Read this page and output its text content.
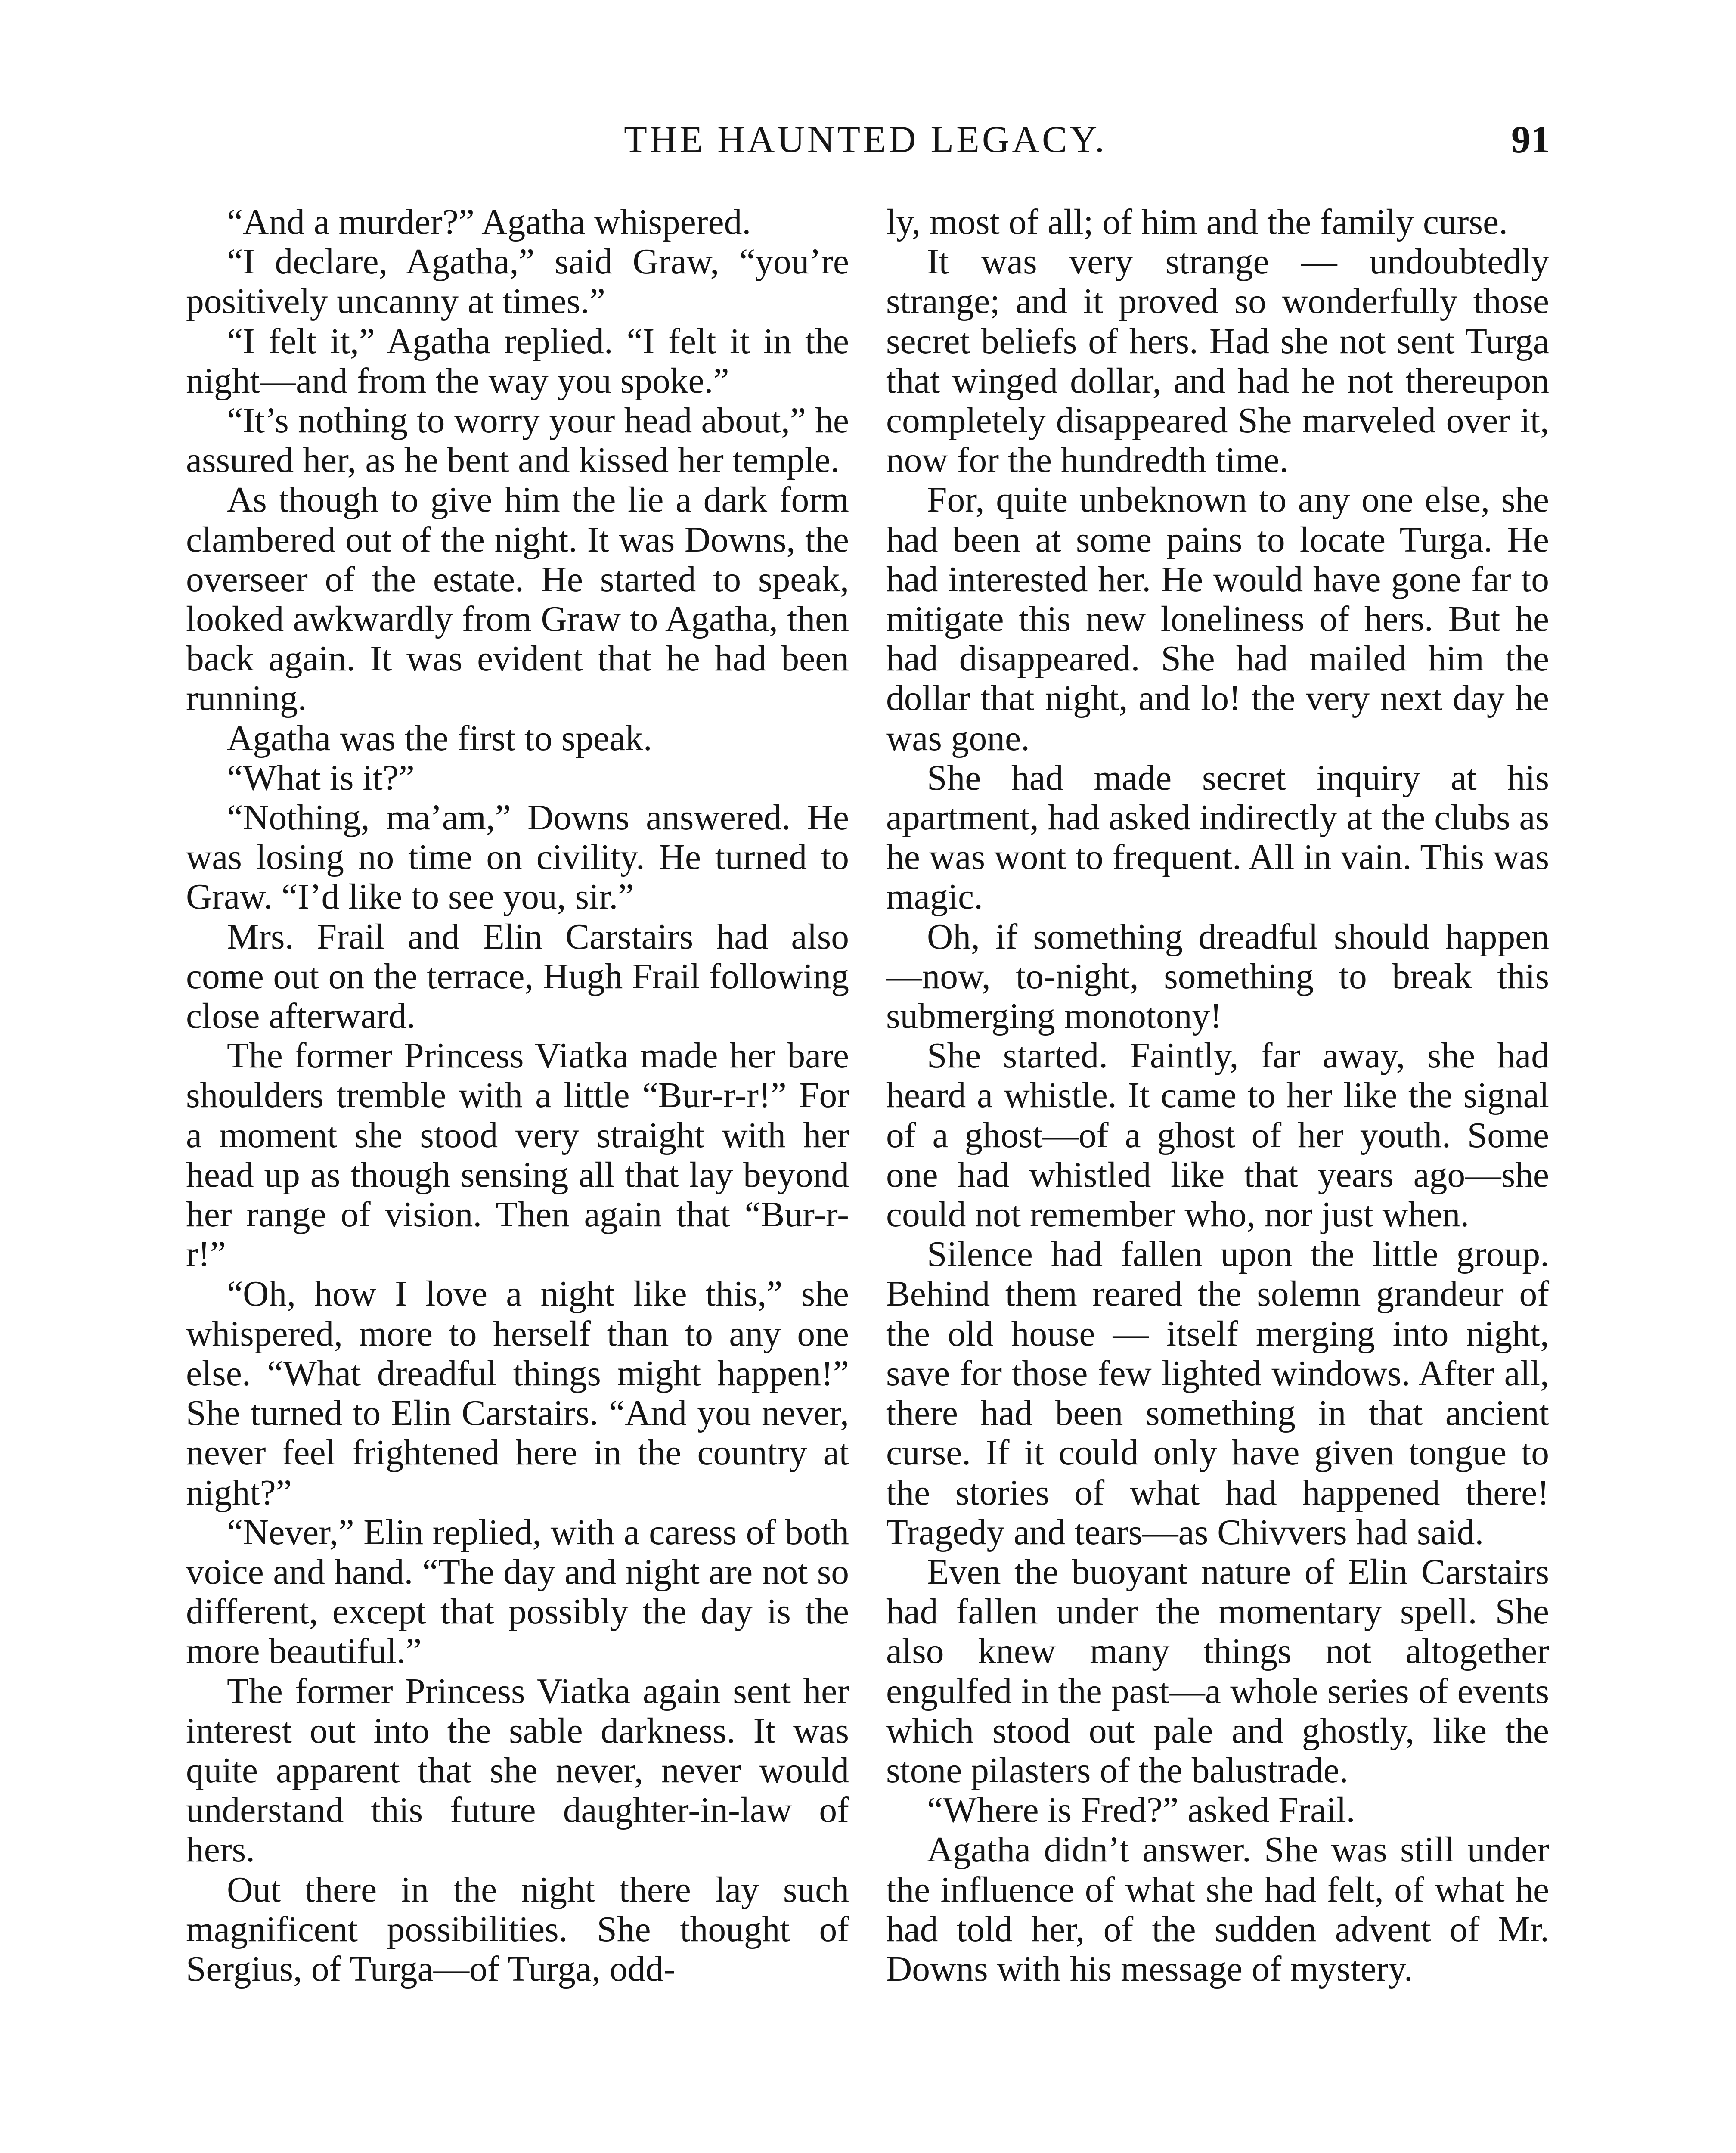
THE HAUNTED LEGACY.	91

“And a murder?” Agatha whispered.

“I declare, Agatha,” said Graw, “you’re positively uncanny at times.”

“I felt it,” Agatha replied. “I felt it in the night—and from the way you spoke.”

“It’s nothing to worry your head about,” he assured her, as he bent and kissed her temple.

As though to give him the lie a dark form clambered out of the night. It was Downs, the overseer of the estate. He started to speak, looked awkwardly from Graw to Agatha, then back again. It was evident that he had been running.

Agatha was the first to speak.

“What is it?”

“Nothing, ma’am,” Downs answered. He was losing no time on civility. He turned to Graw. “I’d like to see you, sir.”

Mrs. Frail and Elin Carstairs had also come out on the terrace, Hugh Frail following close afterward.

The former Princess Viatka made her bare shoulders tremble with a little “Bur-r-r!” For a moment she stood very straight with her head up as though sensing all that lay beyond her range of vision. Then again that “Bur-r-r!”

“Oh, how I love a night like this,” she whispered, more to herself than to any one else. “What dreadful things might happen!” She turned to Elin Carstairs. “And you never, never feel frightened here in the country at night?”

“Never,” Elin replied, with a caress of both voice and hand. “The day and night are not so different, except that possibly the day is the more beautiful.”

The former Princess Viatka again sent her interest out into the sable darkness. It was quite apparent that she never, never would understand this future daughter-in-law of hers.

Out there in the night there lay such magnificent possibilities. She thought of Sergius, of Turga—of Turga, odd-

ly, most of all; of him and the family curse.

It was very strange — undoubtedly strange; and it proved so wonderfully those secret beliefs of hers. Had she not sent Turga that winged dollar, and had he not thereupon completely disappeared She marveled over it, now for the hundredth time.

For, quite unbeknown to any one else, she had been at some pains to locate Turga. He had interested her. He would have gone far to mitigate this new loneliness of hers. But he had disappeared. She had mailed him the dollar that night, and lo! the very next day he was gone.

She had made secret inquiry at his apartment, had asked indirectly at the clubs as he was wont to frequent. All in vain. This was magic.

Oh, if something dreadful should happen—now, to-night, something to break this submerging monotony!

She started. Faintly, far away, she had heard a whistle. It came to her like the signal of a ghost—of a ghost of her youth. Some one had whistled like that years ago—she could not remember who, nor just when.

Silence had fallen upon the little group. Behind them reared the solemn grandeur of the old house — itself merging into night, save for those few lighted windows. After all, there had been something in that ancient curse. If it could only have given tongue to the stories of what had happened there! Tragedy and tears—as Chivvers had said.

Even the buoyant nature of Elin Carstairs had fallen under the momentary spell. She also knew many things not altogether engulfed in the past—a whole series of events which stood out pale and ghostly, like the stone pilasters of the balustrade.

“Where is Fred?” asked Frail.

Agatha didn’t answer. She was still under the influence of what she had felt, of what he had told her, of the sudden advent of Mr. Downs with his message of mystery.
